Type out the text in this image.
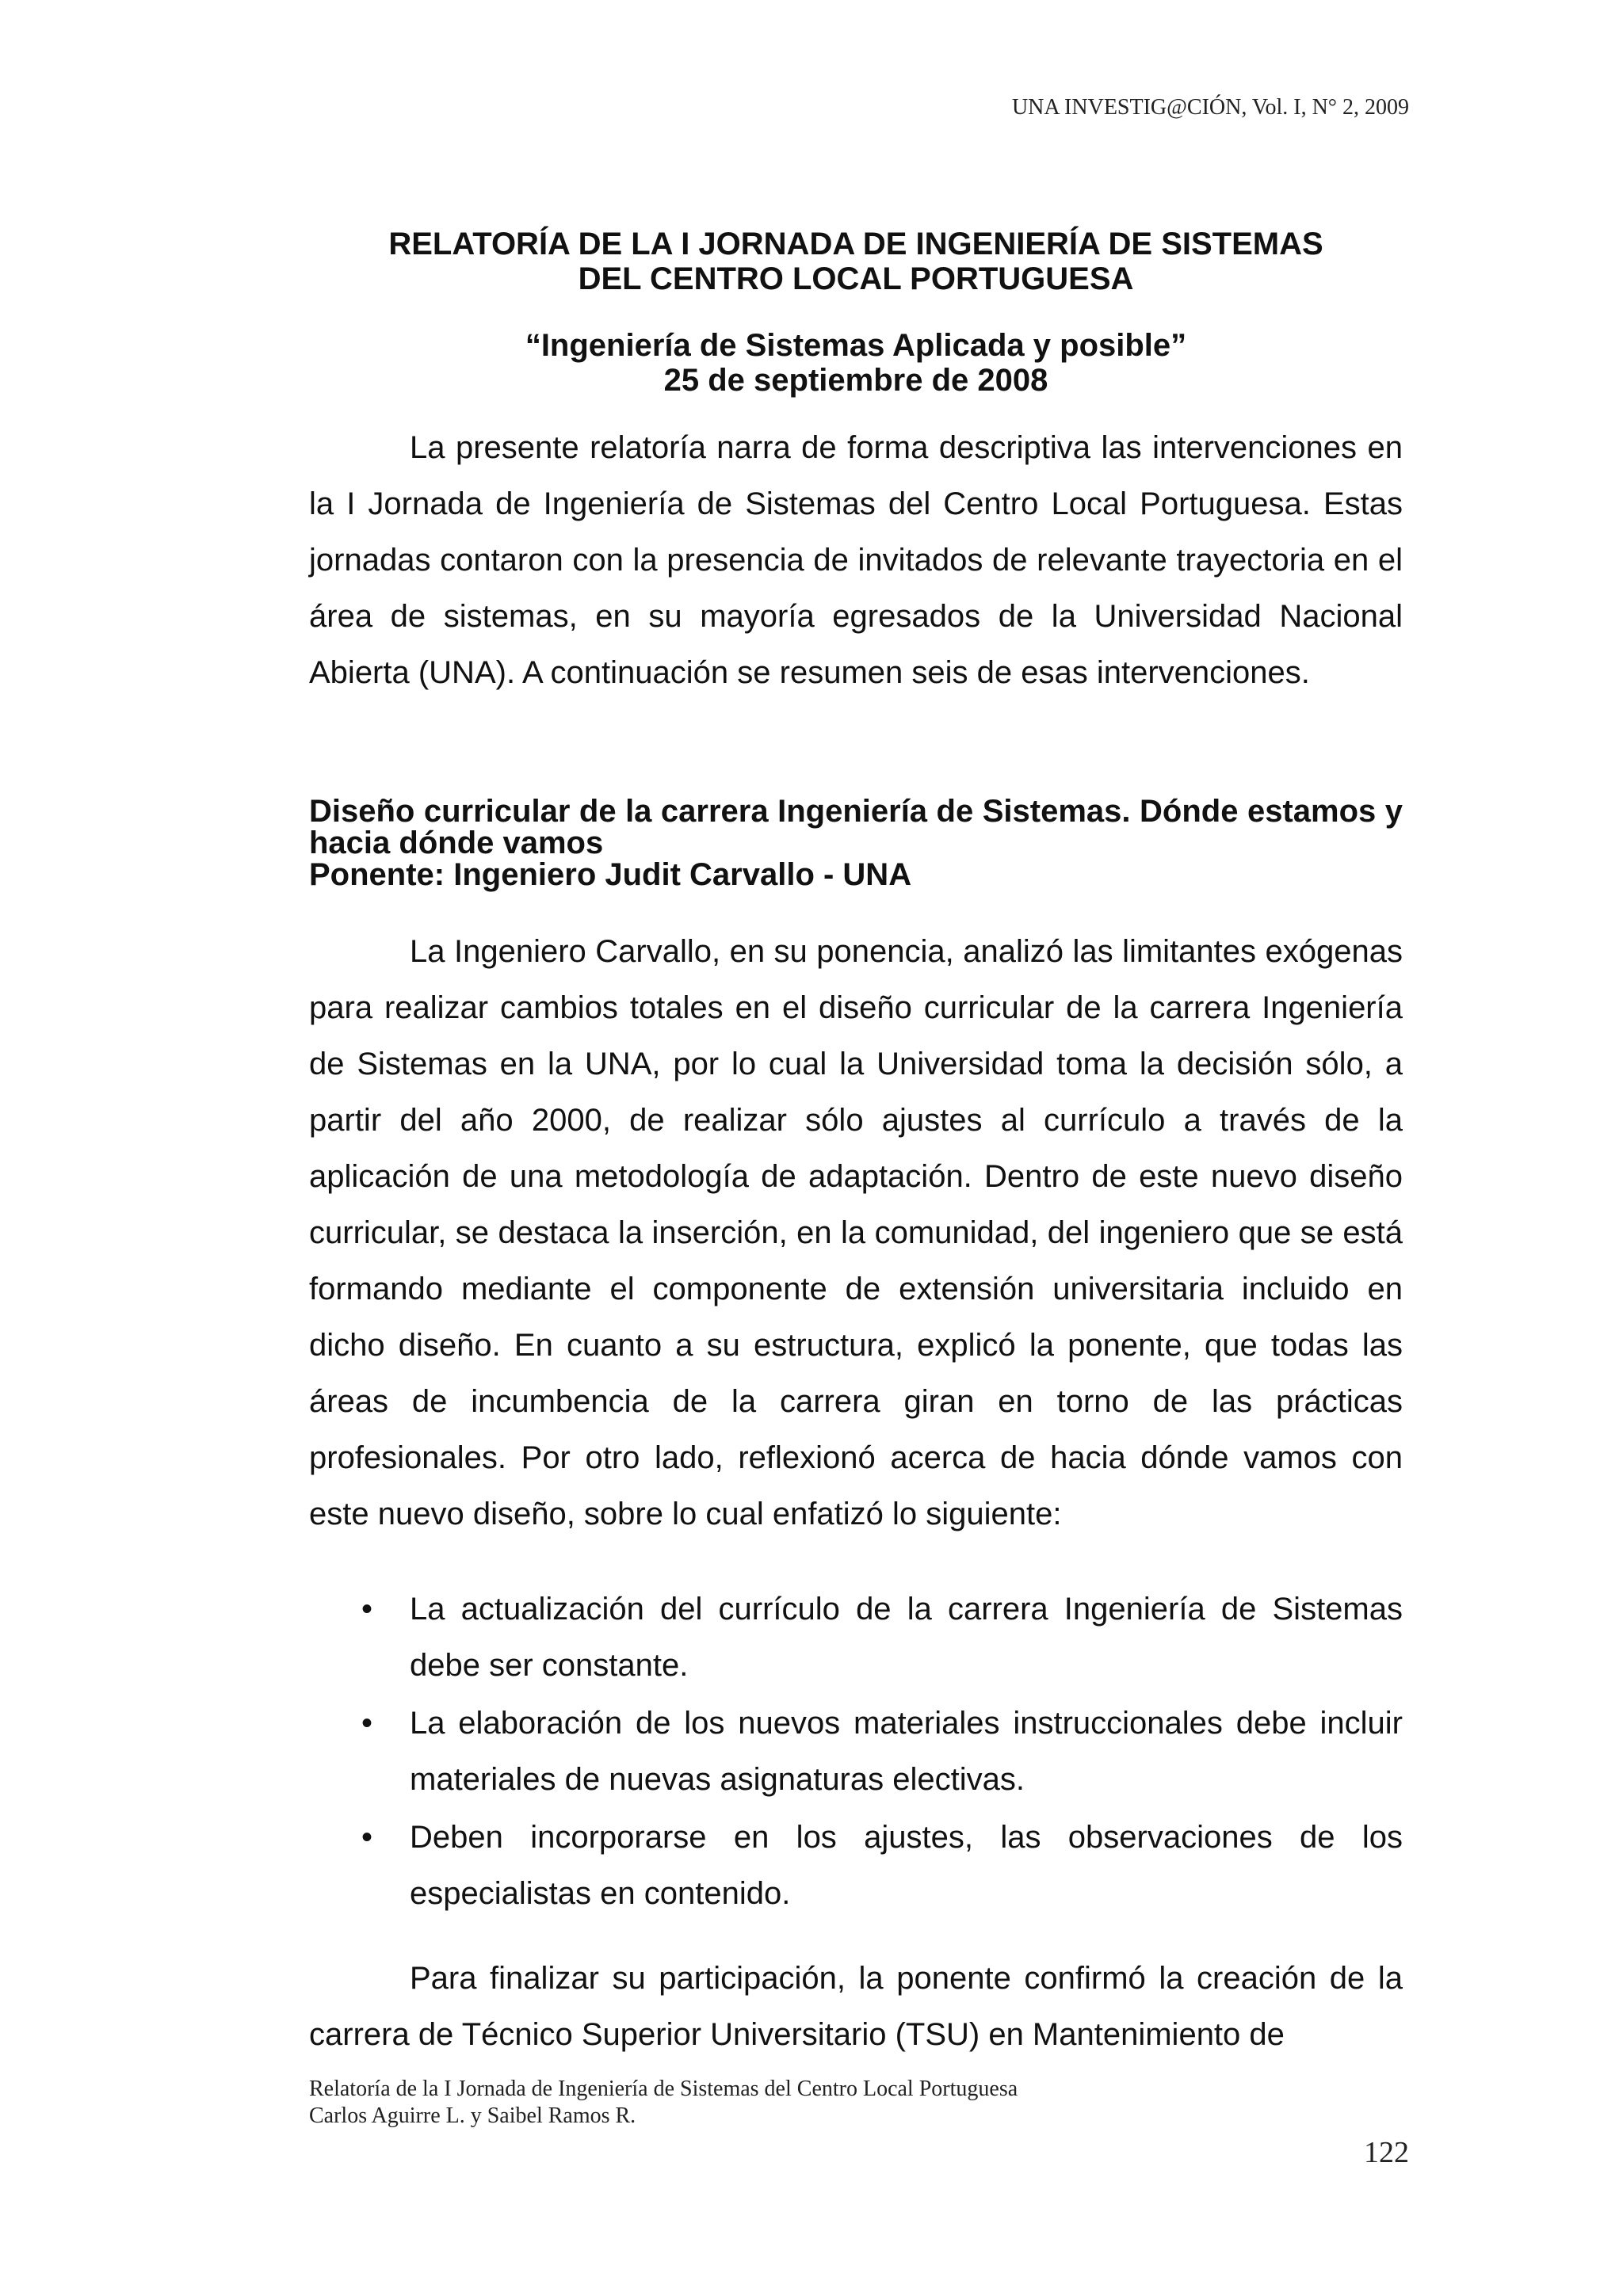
UNA INVESTIG@CIÓN, Vol. I, N° 2, 2009
RELATORÍA DE LA I JORNADA DE INGENIERÍA DE SISTEMAS
DEL CENTRO LOCAL PORTUGUESA
“Ingeniería de Sistemas Aplicada y posible”
25 de septiembre de 2008

La presente relatoría narra de forma descriptiva las intervenciones en la I Jornada de Ingeniería de Sistemas del Centro Local Portuguesa. Estas jornadas contaron con la presencia de invitados de relevante trayectoria en el área de sistemas, en su mayoría egresados de la Universidad Nacional Abierta (UNA). A continuación se resumen seis de esas intervenciones.

Diseño curricular de la carrera Ingeniería de Sistemas. Dónde estamos y hacia dónde vamos
Ponente: Ingeniero Judit Carvallo - UNA

La Ingeniero Carvallo, en su ponencia, analizó las limitantes exógenas para realizar cambios totales en el diseño curricular de la carrera Ingeniería de Sistemas en la UNA, por lo cual la Universidad toma la decisión sólo, a partir del año 2000, de realizar sólo ajustes al currículo a través de la aplicación de una metodología de adaptación. Dentro de este nuevo diseño curricular, se destaca la inserción, en la comunidad, del ingeniero que se está formando mediante el componente de extensión universitaria incluido en dicho diseño. En cuanto a su estructura, explicó la ponente, que todas las áreas de incumbencia de la carrera giran en torno de las prácticas profesionales. Por otro lado, reflexionó acerca de hacia dónde vamos con este nuevo diseño, sobre lo cual enfatizó lo siguiente:

• La actualización del currículo de la carrera Ingeniería de Sistemas debe ser constante.
• La elaboración de los nuevos materiales instruccionales debe incluir materiales de nuevas asignaturas electivas.
• Deben incorporarse en los ajustes, las observaciones de los especialistas en contenido.

Para finalizar su participación, la ponente confirmó la creación de la carrera de Técnico Superior Universitario (TSU) en Mantenimiento de

Relatoría de la I Jornada de Ingeniería de Sistemas del Centro Local Portuguesa
Carlos Aguirre L. y Saibel Ramos R.
122
